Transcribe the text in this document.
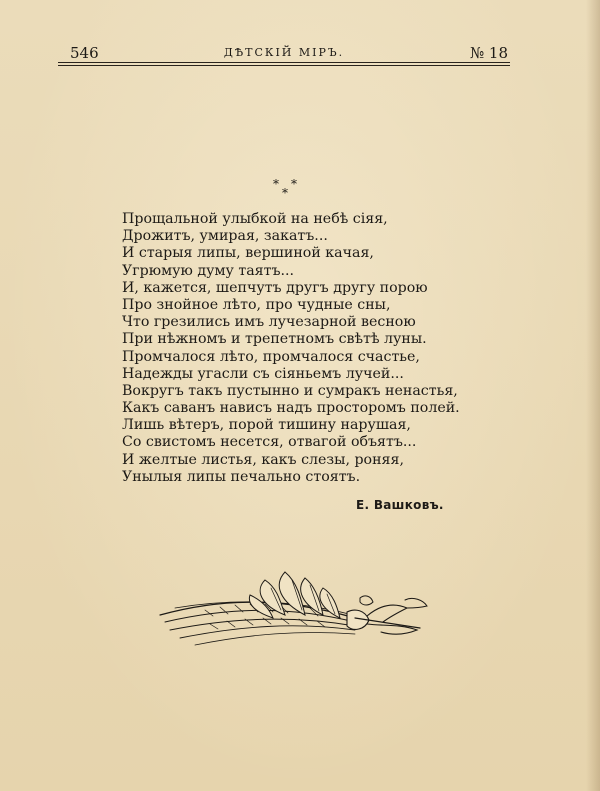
546	ДѢТСКІЙ МІРЪ.	№ 18
* *
*
Прощальной улыбкой на небѣ сіяя,
Дрожитъ, умирая, закатъ...
И старыя липы, вершиной качая,
Угрюмую думу таятъ...
И, кажется, шепчутъ другъ другу порою
Про знойное лѣто, про чудные сны,
Что грезились имъ лучезарной весною
При нѣжномъ и трепетномъ свѣтѣ луны.
Промчалося лѣто, промчалося счастье,
Надежды угасли съ сіяньемъ лучей...
Вокругъ такъ пустынно и сумракъ ненастья,
Какъ саванъ нависъ надъ просторомъ полей.
Лишь вѣтеръ, порой тишину нарушая,
Со свистомъ несется, отвагой объятъ...
И желтые листья, какъ слезы, роняя,
Унылыя липы печально стоятъ.
Е. Вашковъ.
